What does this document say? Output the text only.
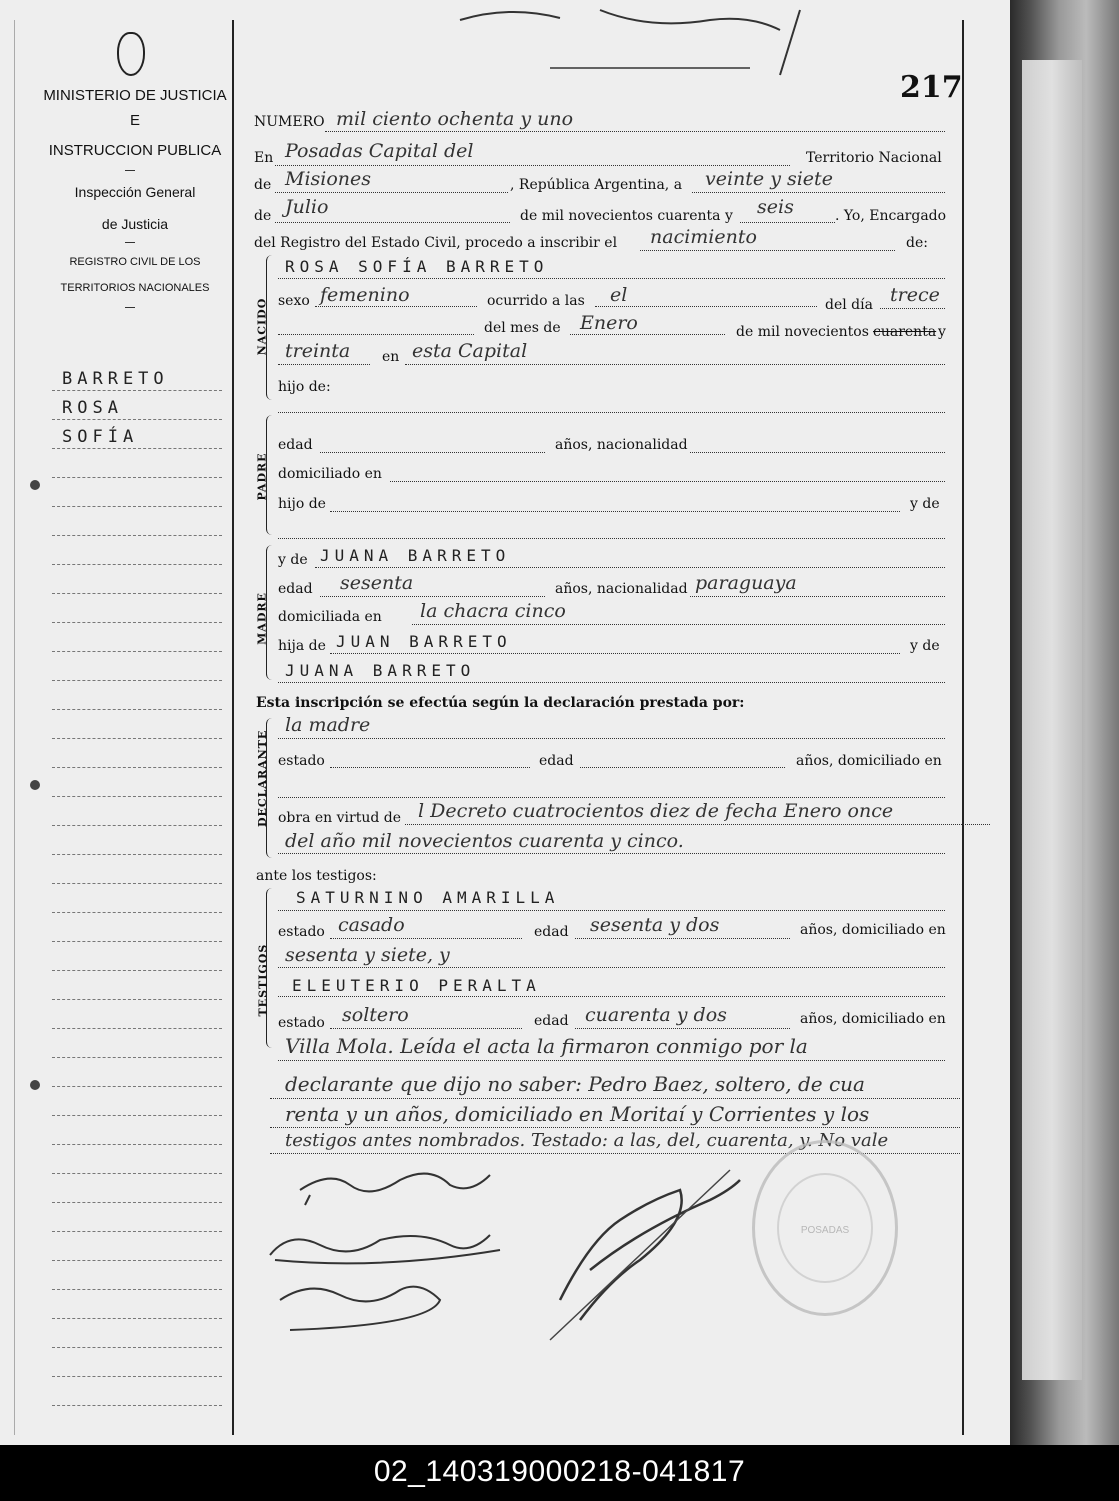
MINISTERIO DE JUSTICIA
E
INSTRUCCION PUBLICA
Inspección General
de Justicia
REGISTRO CIVIL DE LOS
TERRITORIOS NACIONALES
BARRETO
ROSA
SOFÍA
217
NUMERO mil ciento ochenta y uno
En Posadas Capital del	Territorio Nacional
de Misiones	, República Argentina, a veinte y siete
de Julio	de mil novecientos cuarenta y seis	. Yo, Encargado
del Registro del Estado Civil, procedo a inscribir el nacimiento	de:
NACIDO
ROSA SOFÍA BARRETO
sexo femenino	ocurrido a las el	del día trece
del mes de Enero	de mil novecientos cuarenta y
treinta en esta Capital
hijo de:
PADRE
edad	años, nacionalidad
domiciliado en
hijo de	y de
MADRE
y de JUANA BARRETO
edad sesenta	años, nacionalidad paraguaya
domiciliada en la chacra cinco
hija de JUAN BARRETO	y de
JUANA BARRETO
Esta inscripción se efectúa según la declaración prestada por:
DECLARANTE
la madre
estado	edad	años, domiciliado en
obra en virtud de l Decreto cuatrocientos diez de fecha Enero once
del año mil novecientos cuarenta y cinco.
ante los testigos:
TESTIGOS
SATURNINO AMARILLA
estado casado	edad sesenta y dos	años, domiciliado en
sesenta y siete, y
ELEUTERIO PERALTA
estado soltero	edad cuarenta y dos	años, domiciliado en
Villa Mola. Leída el acta la firmaron conmigo por la
declarante que dijo no saber: Pedro Baez, soltero, de cua
renta y un años, domiciliado en Moritaí y Corrientes y los
testigos antes nombrados. Testado: a las, del, cuarenta, y. No vale
POSADAS
02_140319000218-041817
